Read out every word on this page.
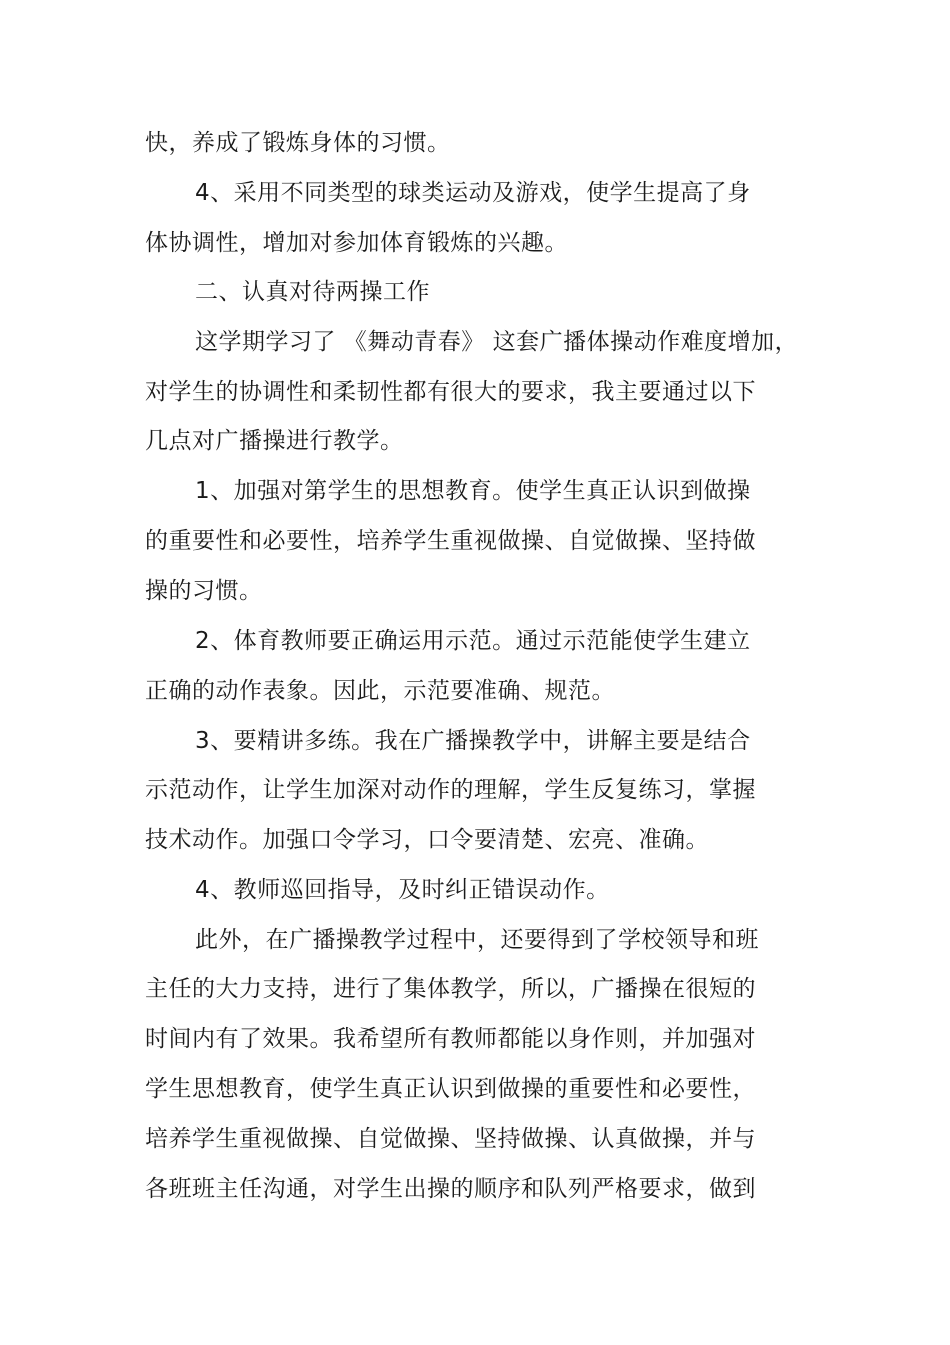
快，养成了锻炼身体的习惯。
4、采用不同类型的球类运动及游戏，使学生提高了身
体协调性，增加对参加体育锻炼的兴趣。
二、认真对待两操工作
这学期学习了 《舞动青春》 这套广播体操动作难度增加，
对学生的协调性和柔韧性都有很大的要求，我主要通过以下
几点对广播操进行教学。
1、加强对第学生的思想教育。使学生真正认识到做操
的重要性和必要性，培养学生重视做操、自觉做操、坚持做
操的习惯。
2、体育教师要正确运用示范。通过示范能使学生建立
正确的动作表象。因此，示范要准确、规范。
3、要精讲多练。我在广播操教学中，讲解主要是结合
示范动作，让学生加深对动作的理解，学生反复练习，掌握
技术动作。加强口令学习，口令要清楚、宏亮、准确。
4、教师巡回指导，及时纠正错误动作。
此外，在广播操教学过程中，还要得到了学校领导和班
主任的大力支持，进行了集体教学，所以，广播操在很短的
时间内有了效果。我希望所有教师都能以身作则，并加强对
学生思想教育，使学生真正认识到做操的重要性和必要性，
培养学生重视做操、自觉做操、坚持做操、认真做操，并与
各班班主任沟通，对学生出操的顺序和队列严格要求，做到
